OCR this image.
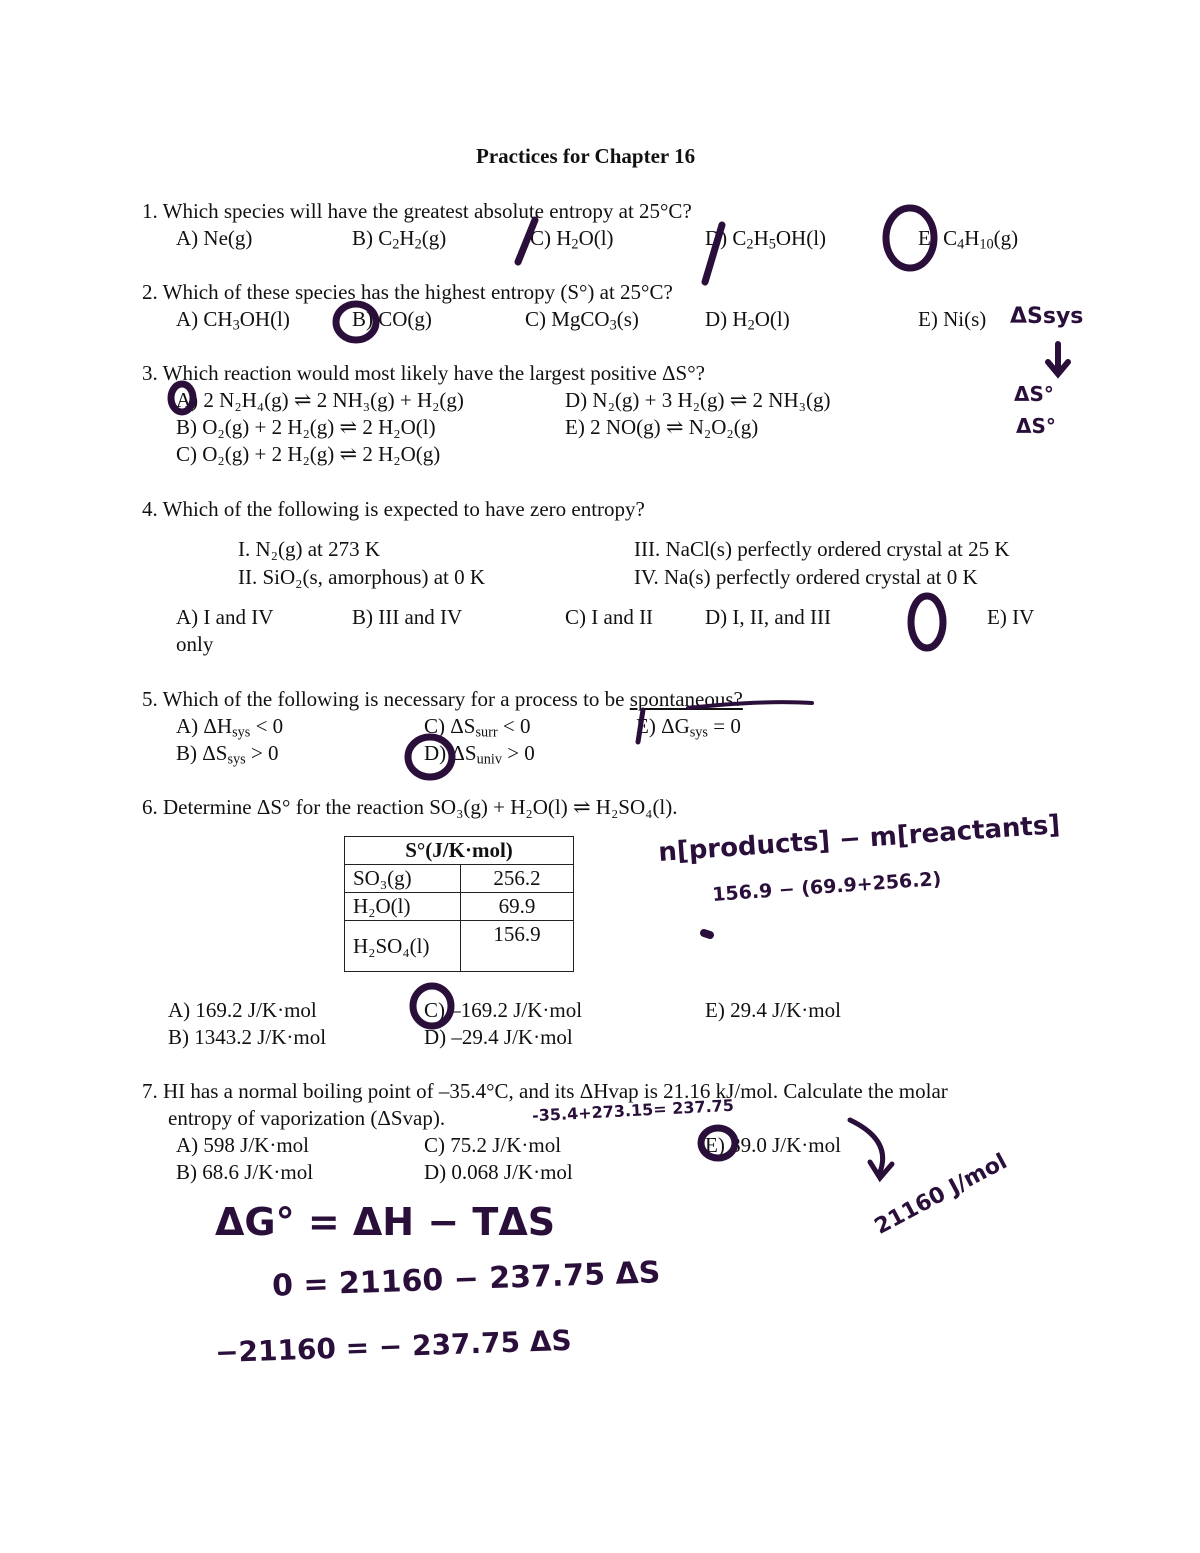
Practices for Chapter 16
1. Which species will have the greatest absolute entropy at 25°C?
A) Ne(g)	B) $C_2H_2(g)$	C) $H_2O(l)$	D) $C_2H_5OH(l)$	E) $C_4H_{10}(g)$
2. Which of these species has the highest entropy (S°) at 25°C?
A) $CH_3OH(l)$	B) CO(g)	C) MgCO$_3$(s)	D) $H_2O(l)$	E) Ni(s)
3. Which reaction would most likely have the largest positive ΔS°?
A) 2 N₂H₄(g) ⇌ 2 NH₃(g) + H₂(g)
B) O₂(g) + 2 H₂(g) ⇌ 2 H₂O(l)
C) O₂(g) + 2 H₂(g) ⇌ 2 H₂O(g)
D) N₂(g) + 3 H₂(g) ⇌ 2 NH₃(g)
E) 2 NO(g) ⇌ N₂O₂(g)
4. Which of the following is expected to have zero entropy?
I. N₂(g) at 273 K
II. SiO₂(s, amorphous) at 0 K
III. NaCl(s) perfectly ordered crystal at 25 K
IV. Na(s) perfectly ordered crystal at 0 K
A) I and IV
only
B) III and IV	C) I and II D) I, II, and III	E) IV
5. Which of the following is necessary for a process to be spontaneous?
A) $\Delta H_{sys} < 0$
B) $\Delta S_{sys} > 0$
C) $\Delta S_{surr} < 0$
D) $\Delta S_{univ} > 0$
E) $\Delta G_{sys} = 0$
6. Determine ΔS° for the reaction SO₃(g) + H₂O(l) ⇌ H₂SO₄(l).
S°(J/K·mol)	
SO₃(g)	256.2
H₂O(l)	69.9
H₂SO₄(l)	156.9
A) 169.2 J/K·mol
B) 1343.2 J/K·mol
C) –169.2 J/K·mol
D) –29.4 J/K·mol
E) 29.4 J/K·mol
7. HI has a normal boiling point of –35.4°C, and its ΔHvap is 21.16 kJ/mol. Calculate the molar
entropy of vaporization (ΔSvap).
A) 598 J/K·mol
B) 68.6 J/K·mol
C) 75.2 J/K·mol
D) 0.068 J/K·mol
E) 89.0 J/K·mol
ΔSsys
ΔS°
ΔS°
n[products] − m[reactants]
156.9 − (69.9+256.2)
-35.4+273.15= 237.75
21160 J/mol
ΔG° = ΔH − TΔS
0 = 21160 − 237.75 ΔS
−21160 = − 237.75 ΔS
